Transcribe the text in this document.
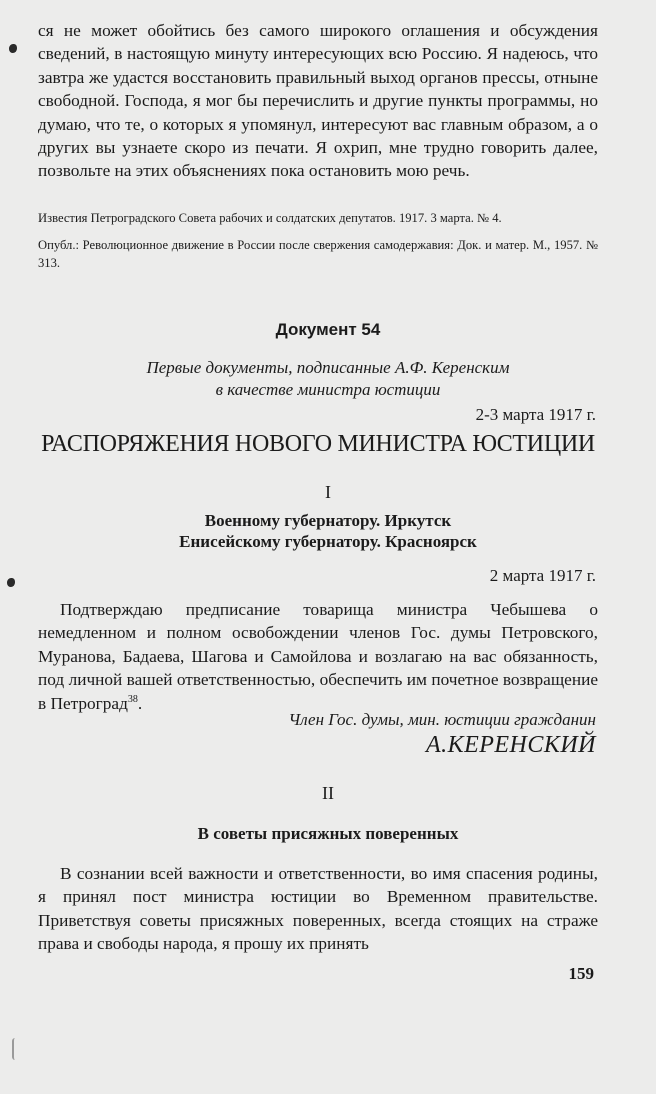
ся не может обойтись без самого широкого оглашения и обсуждения сведений, в настоящую минуту интересующих всю Россию. Я надеюсь, что завтра же удастся восстановить правильный выход органов прессы, отныне свободной. Господа, я мог бы перечислить и другие пункты программы, но думаю, что те, о которых я упомянул, интересуют вас главным образом, а о других вы узнаете скоро из печати. Я охрип, мне трудно говорить далее, позвольте на этих объяснениях пока остановить мою речь.

Известия Петроградского Совета рабочих и солдатских депутатов. 1917. 3 марта. № 4.

Опубл.: Революционное движение в России после свержения самодержавия: Док. и матер. М., 1957. № 313.

Документ 54
Первые документы, подписанные А.Ф. Керенским
в качестве министра юстиции
2-3 марта 1917 г.
РАСПОРЯЖЕНИЯ НОВОГО МИНИСТРА ЮСТИЦИИ
I
Военному губернатору. Иркутск
Енисейскому губернатору. Красноярск
2 марта 1917 г.

Подтверждаю предписание товарища министра Чебышева о немедленном и полном освобождении членов Гос. думы Петровского, Муранова, Бадаева, Шагова и Самойлова и возлагаю на вас обязанность, под личной вашей ответственностью, обеспечить им почетное возвращение в Петроград$^{38}$.

Член Гос. думы, мин. юстиции гражданин
А.КЕРЕНСКИЙ
II
В советы присяжных поверенных

В сознании всей важности и ответственности, во имя спасения родины, я принял пост министра юстиции во Временном правительстве. Приветствуя советы присяжных поверенных, всегда стоящих на страже права и свободы народа, я прошу их принять

159
